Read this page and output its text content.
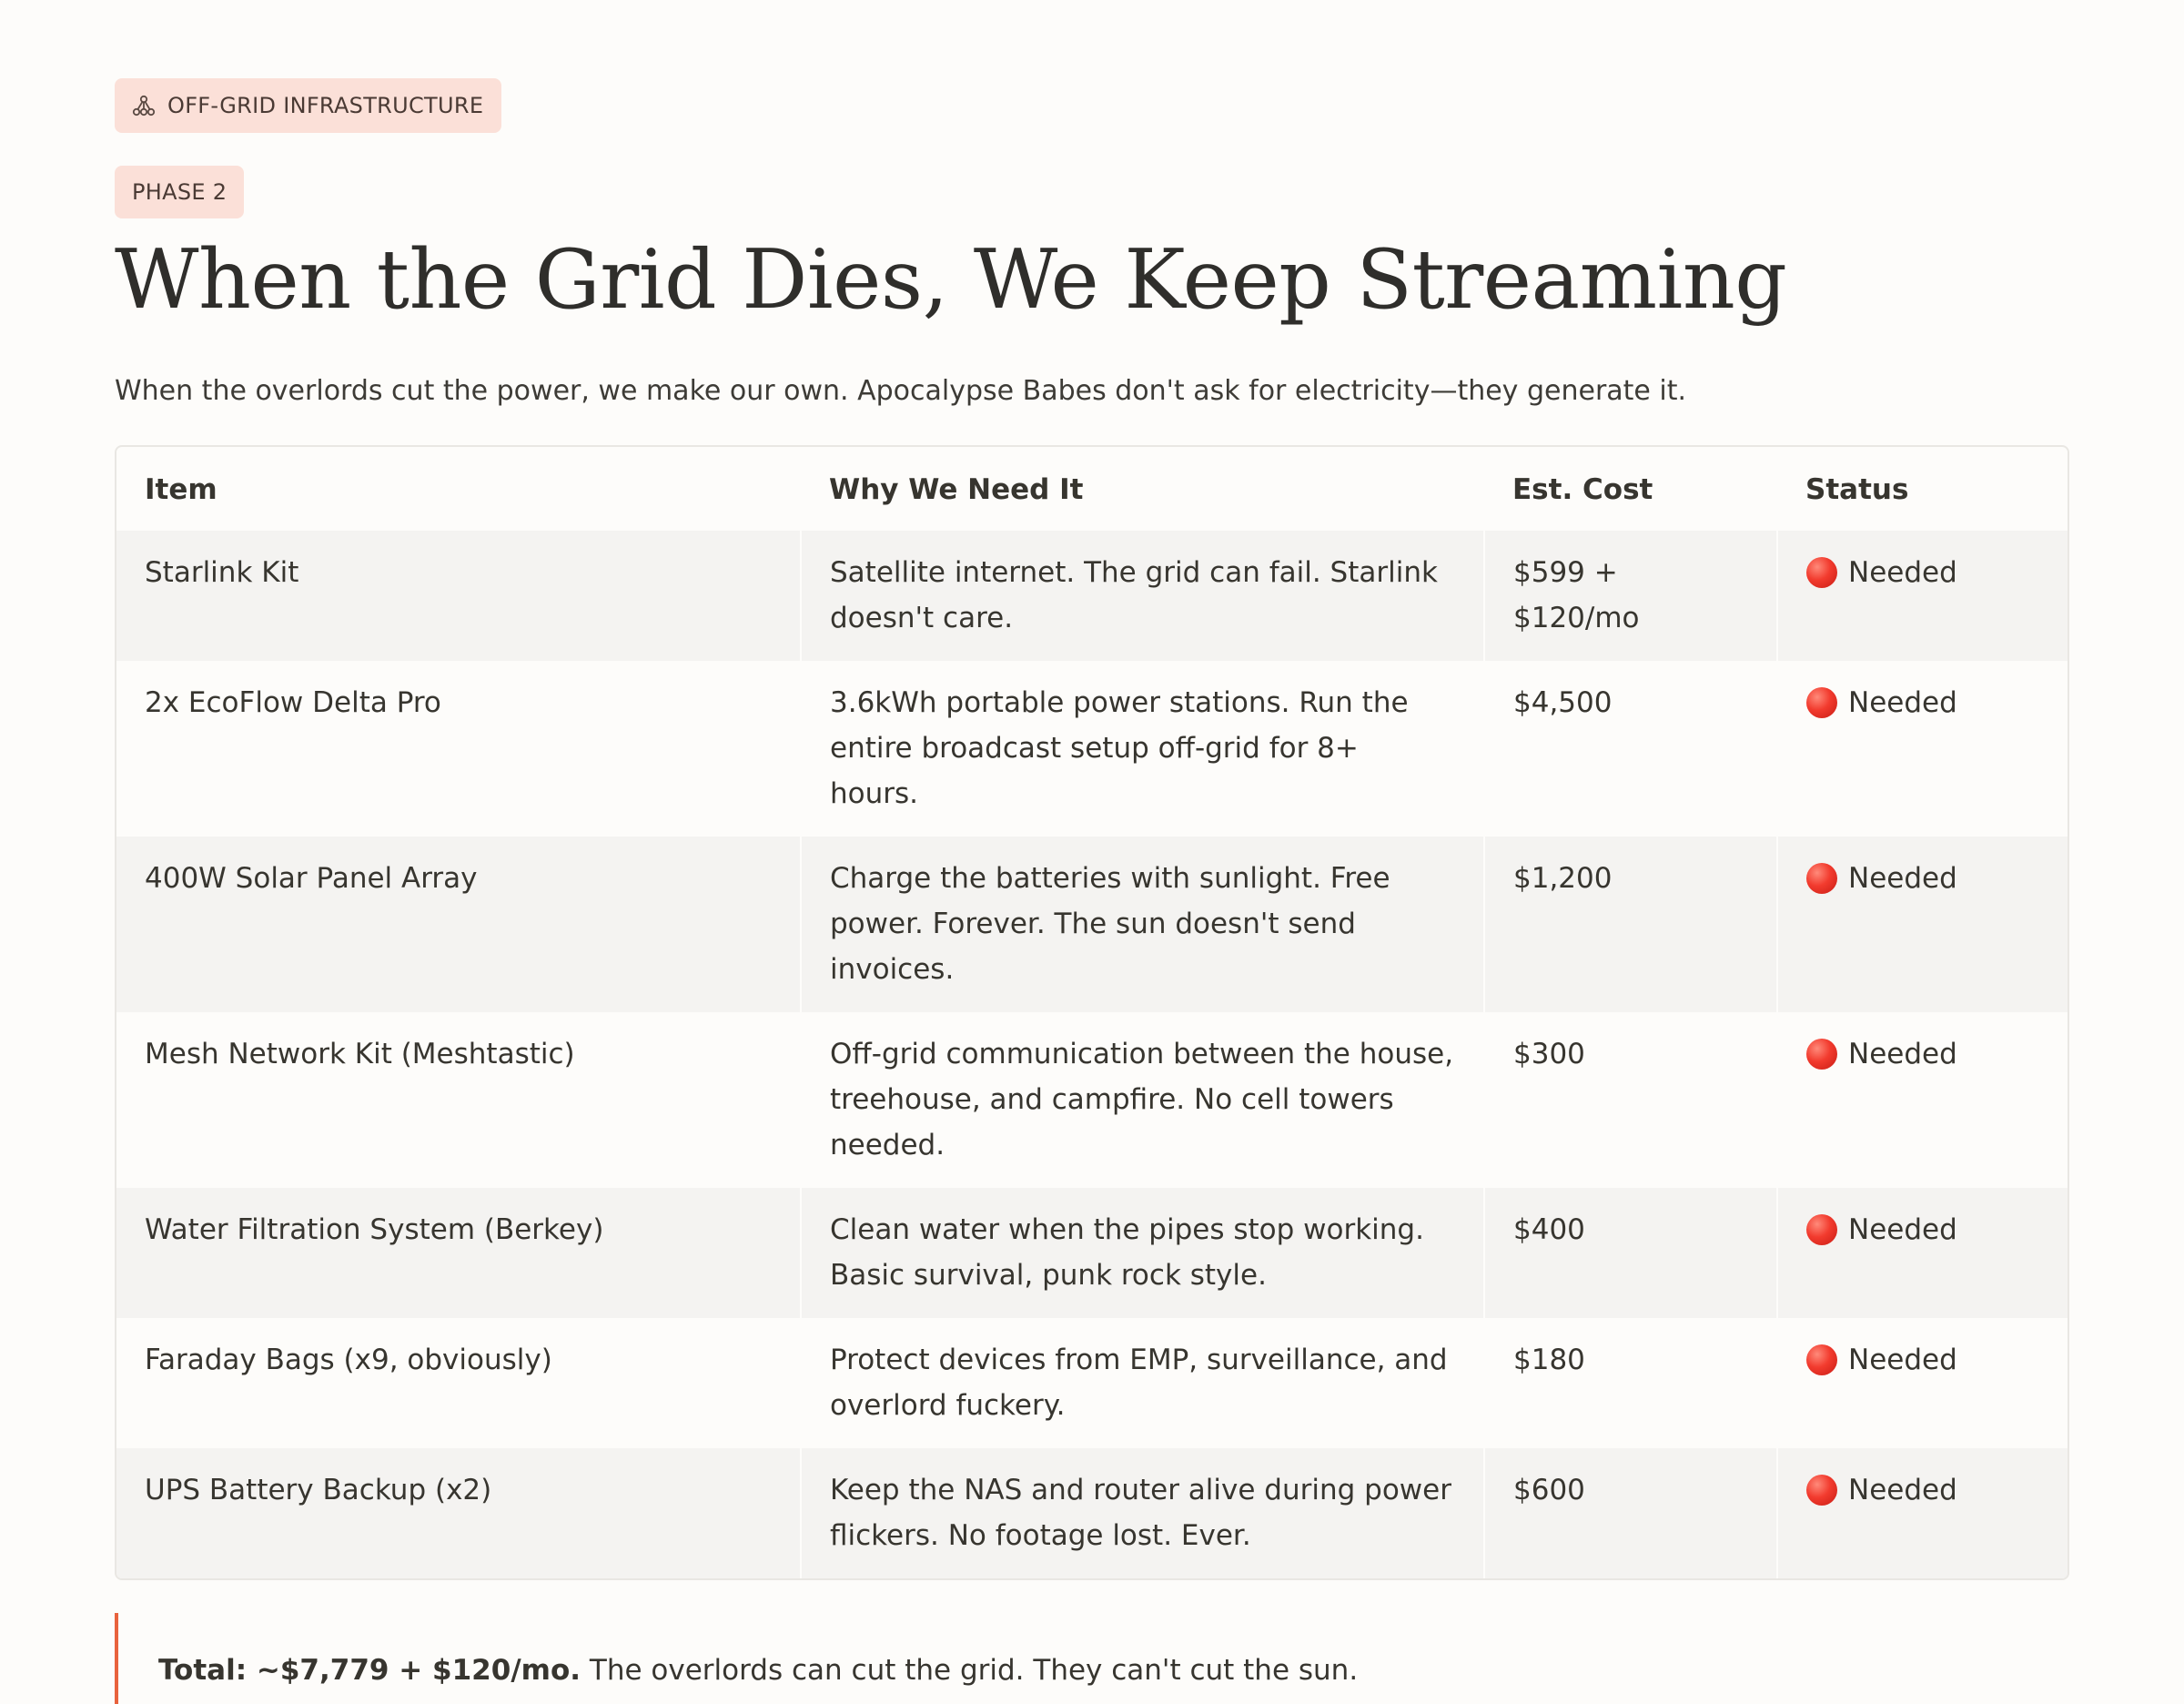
OFF-GRID INFRASTRUCTURE
PHASE 2
When the Grid Dies, We Keep Streaming

When the overlords cut the power, we make our own. Apocalypse Babes don't ask for electricity—they generate it.

Item	Why We Need It	Est. Cost	Status
Starlink Kit	Satellite internet. The grid can fail. Starlink doesn't care.	$599 + $120/mo	Needed

2x EcoFlow Delta Pro	3.6kWh portable power stations. Run the entire broadcast setup off-grid for 8+ hours.	$4,500	Needed

400W Solar Panel Array	Charge the batteries with sunlight. Free power. Forever. The sun doesn't send invoices.	$1,200	Needed

Mesh Network Kit (Meshtastic)	Off-grid communication between the house, treehouse, and campfire. No cell towers needed.	$300	Needed

Water Filtration System (Berkey)	Clean water when the pipes stop working. Basic survival, punk rock style.	$400	Needed

Faraday Bags (x9, obviously)	Protect devices from EMP, surveillance, and overlord fuckery.	$180	Needed

UPS Battery Backup (x2)	Keep the NAS and router alive during power flickers. No footage lost. Ever.	$600	Needed
Total: ~$7,779 + $120/mo. The overlords can cut the grid. They can't cut the sun.
